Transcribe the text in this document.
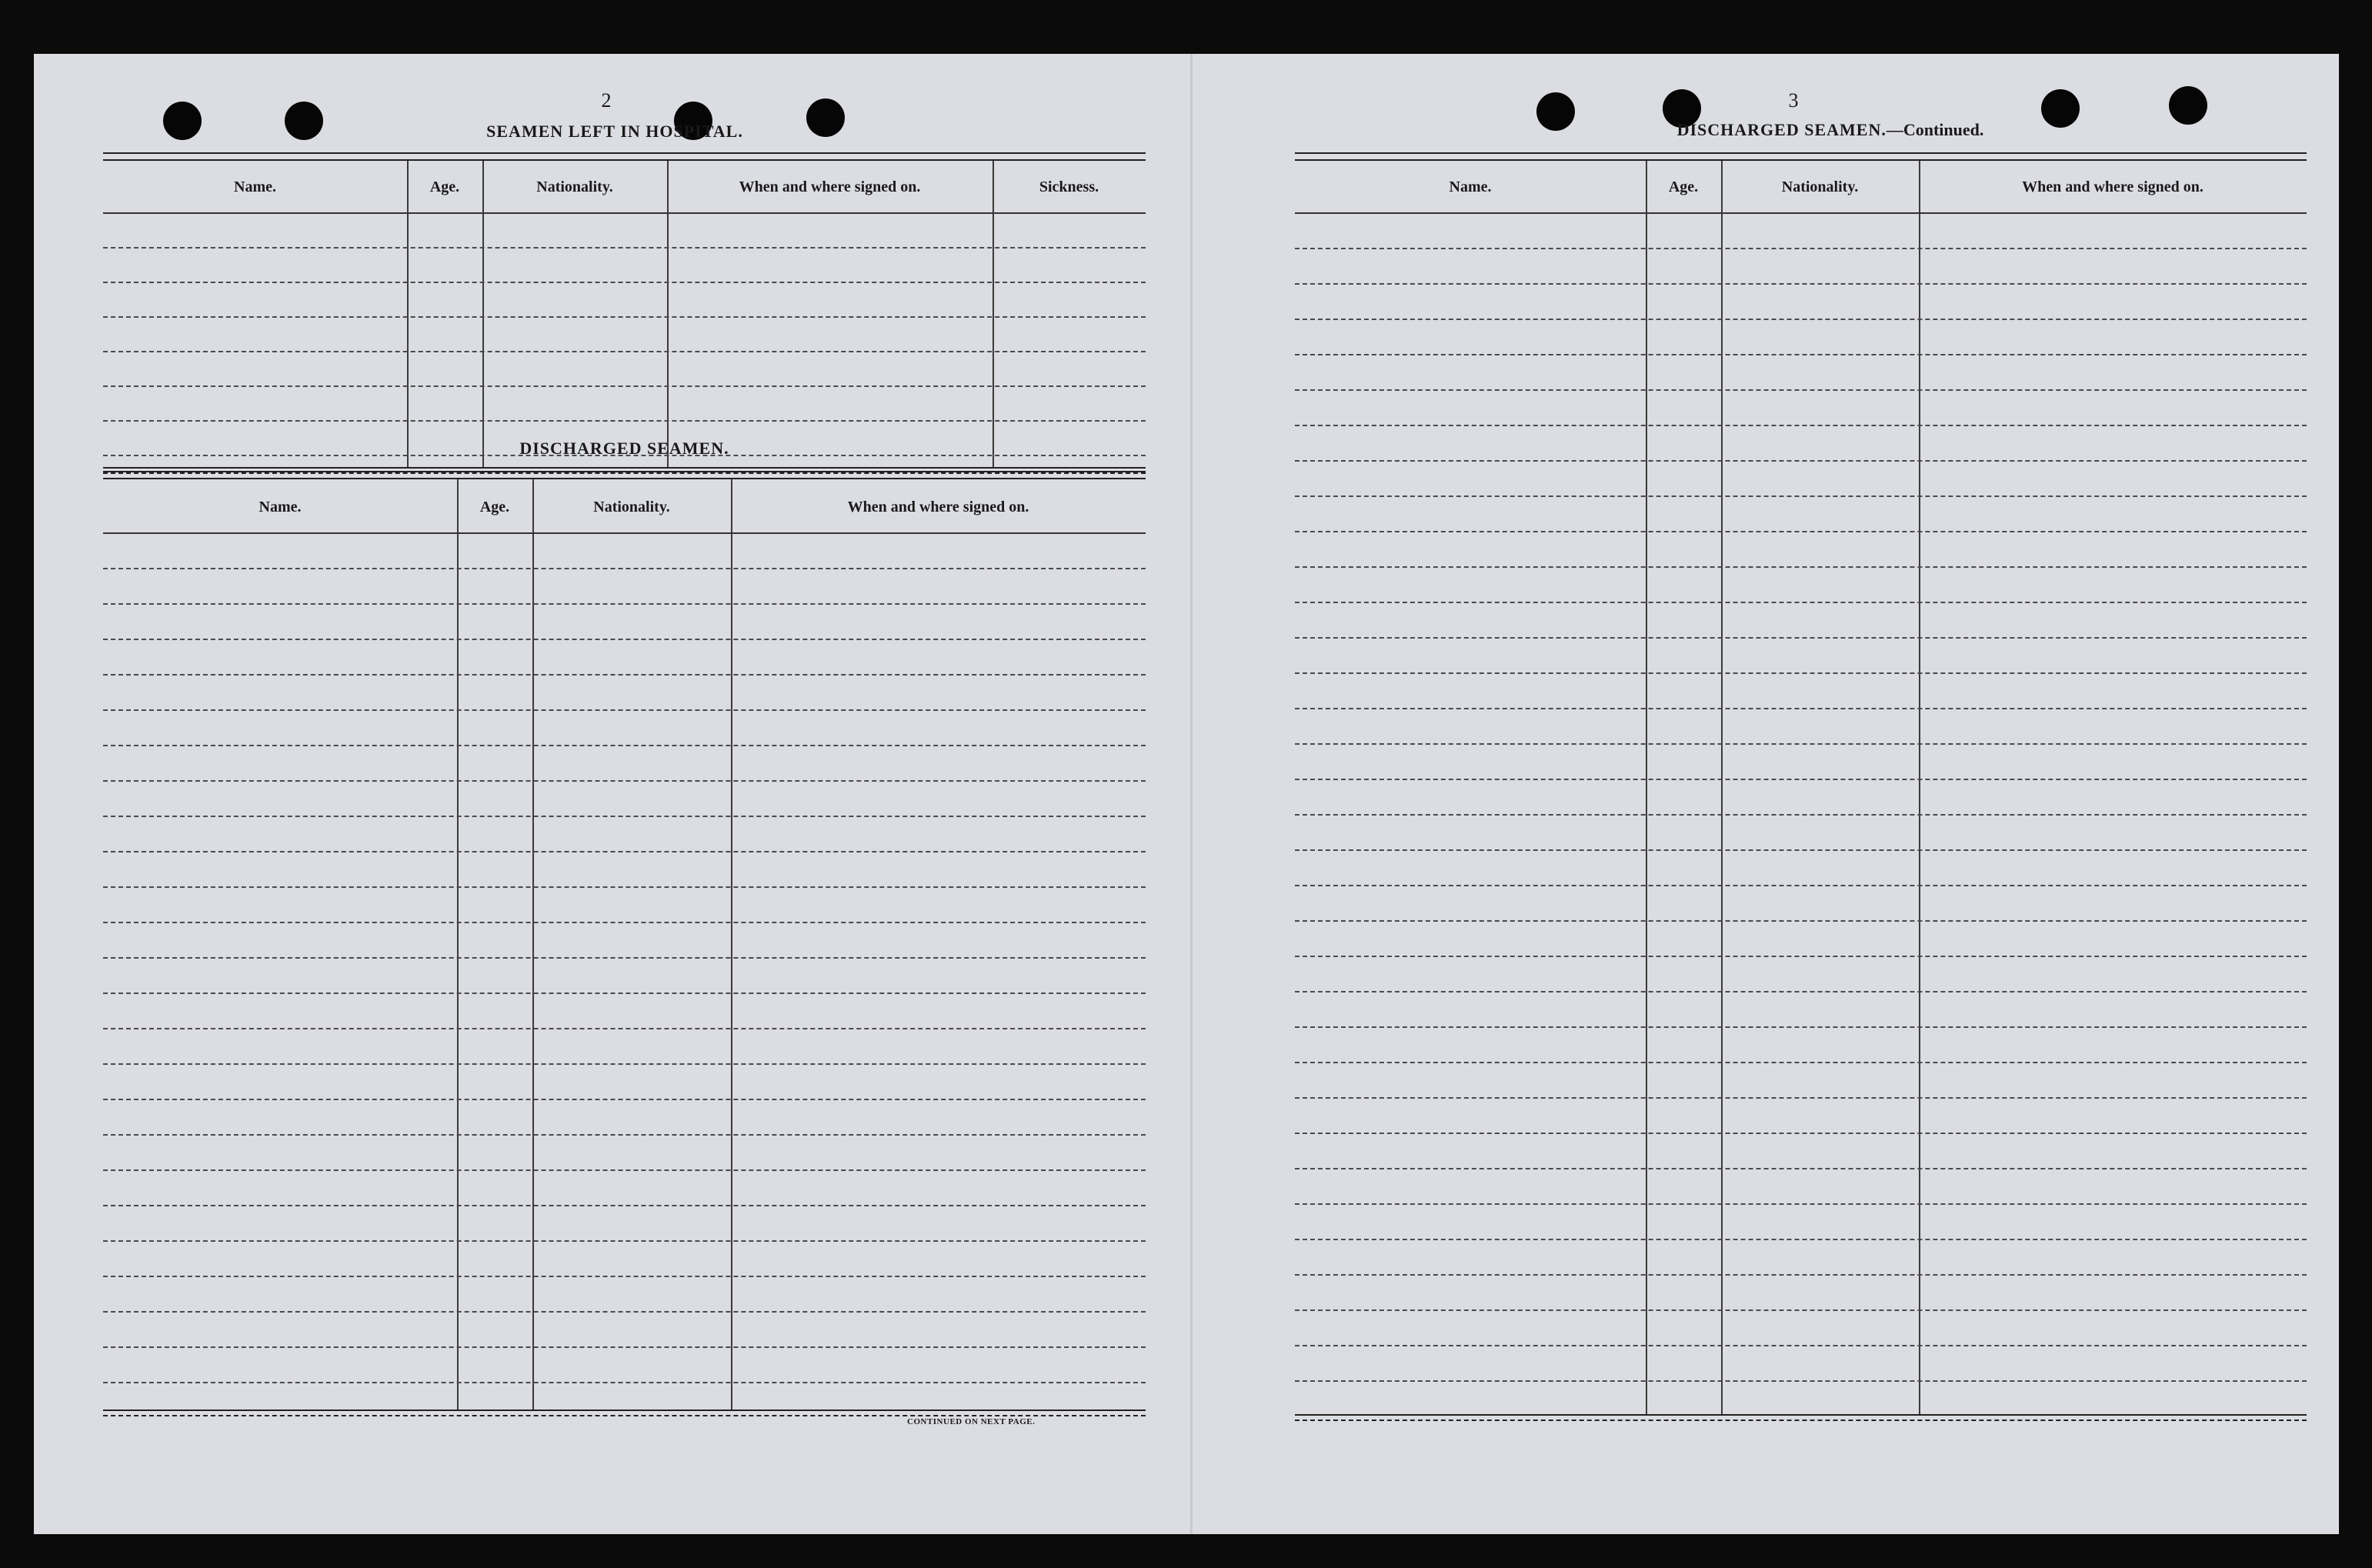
2
SEAMEN LEFT IN HOSPITAL.
Name.	Age.	Nationality.	When and where signed on.	Sickness.
DISCHARGED SEAMEN.
Name.	Age.	Nationality.	When and where signed on.
CONTINUED ON NEXT PAGE.
3
DISCHARGED SEAMEN.—Continued.
Name.	Age.	Nationality.	When and where signed on.
